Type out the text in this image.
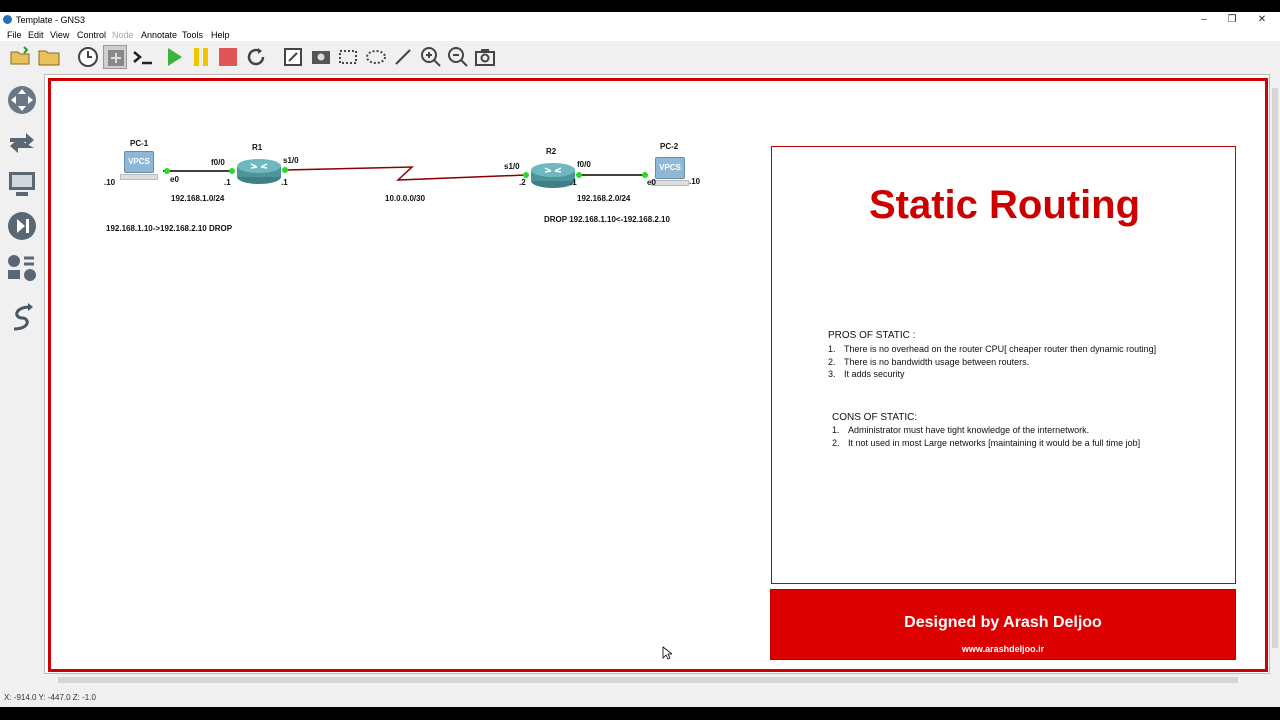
Template - GNS3	–	❐	✕
File Edit View Control Node Annotate Tools Help
VPCS
PC-1
.10	e0
R1
f0/0	s1/0
.1	.1
R2
s1/0	f0/0
.2	.1
VPCS
PC-2
e0	.10
192.168.1.0/24	10.0.0.0/30	192.168.2.0/24
192.168.1.10->192.168.2.10 DROP
DROP 192.168.1.10<-192.168.2.10	Static Routing
PROS OF STATIC :
1. There is no overhead on the router CPU[ cheaper router then dynamic routing]
2. There is no bandwidth usage between routers.
3. It adds security
CONS OF STATIC:
1. Administrator must have tight knowledge of the internetwork.
2. It not used in most Large networks [maintaining it would be a full time job]
Designed by Arash Deljoo
www.arashdeljoo.ir
X: -914.0 Y: -447.0 Z: -1.0
